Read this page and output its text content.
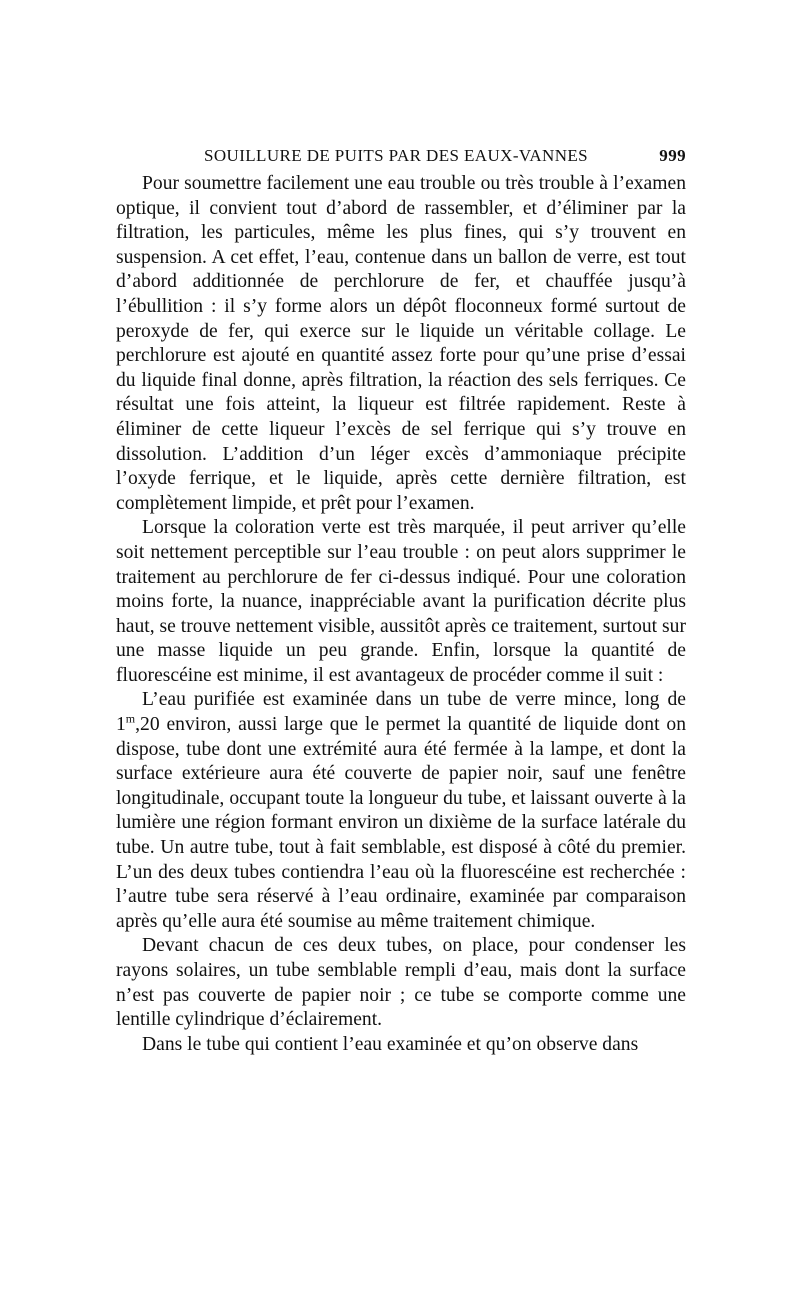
SOUILLURE DE PUITS PAR DES EAUX-VANNES	999

Pour soumettre facilement une eau trouble ou très trouble à l’examen optique, il convient tout d’abord de rassembler, et d’éliminer par la filtration, les particules, même les plus fines, qui s’y trouvent en suspension. A cet effet, l’eau, contenue dans un ballon de verre, est tout d’abord additionnée de perchlorure de fer, et chauffée jusqu’à l’ébullition : il s’y forme alors un dépôt floconneux formé surtout de peroxyde de fer, qui exerce sur le liquide un véritable collage. Le perchlorure est ajouté en quantité assez forte pour qu’une prise d’essai du liquide final donne, après filtration, la réaction des sels ferriques. Ce résultat une fois atteint, la liqueur est filtrée rapidement. Reste à éliminer de cette liqueur l’excès de sel ferrique qui s’y trouve en dissolution. L’addition d’un léger excès d’ammoniaque précipite l’oxyde ferrique, et le liquide, après cette dernière filtration, est complètement limpide, et prêt pour l’examen.

Lorsque la coloration verte est très marquée, il peut arriver qu’elle soit nettement perceptible sur l’eau trouble : on peut alors supprimer le traitement au perchlorure de fer ci-dessus indiqué. Pour une coloration moins forte, la nuance, inappréciable avant la purification décrite plus haut, se trouve nettement visible, aussitôt après ce traitement, surtout sur une masse liquide un peu grande. Enfin, lorsque la quantité de fluorescéine est minime, il est avantageux de procéder comme il suit :

L’eau purifiée est examinée dans un tube de verre mince, long de 1$^m$,20 environ, aussi large que le permet la quantité de liquide dont on dispose, tube dont une extrémité aura été fermée à la lampe, et dont la surface extérieure aura été couverte de papier noir, sauf une fenêtre longitudinale, occupant toute la longueur du tube, et laissant ouverte à la lumière une région formant environ un dixième de la surface latérale du tube. Un autre tube, tout à fait semblable, est disposé à côté du premier. L’un des deux tubes contiendra l’eau où la fluorescéine est recherchée : l’autre tube sera réservé à l’eau ordinaire, examinée par comparaison après qu’elle aura été soumise au même traitement chimique.

Devant chacun de ces deux tubes, on place, pour condenser les rayons solaires, un tube semblable rempli d’eau, mais dont la surface n’est pas couverte de papier noir ; ce tube se comporte comme une lentille cylindrique d’éclairement.

Dans le tube qui contient l’eau examinée et qu’on observe dans
